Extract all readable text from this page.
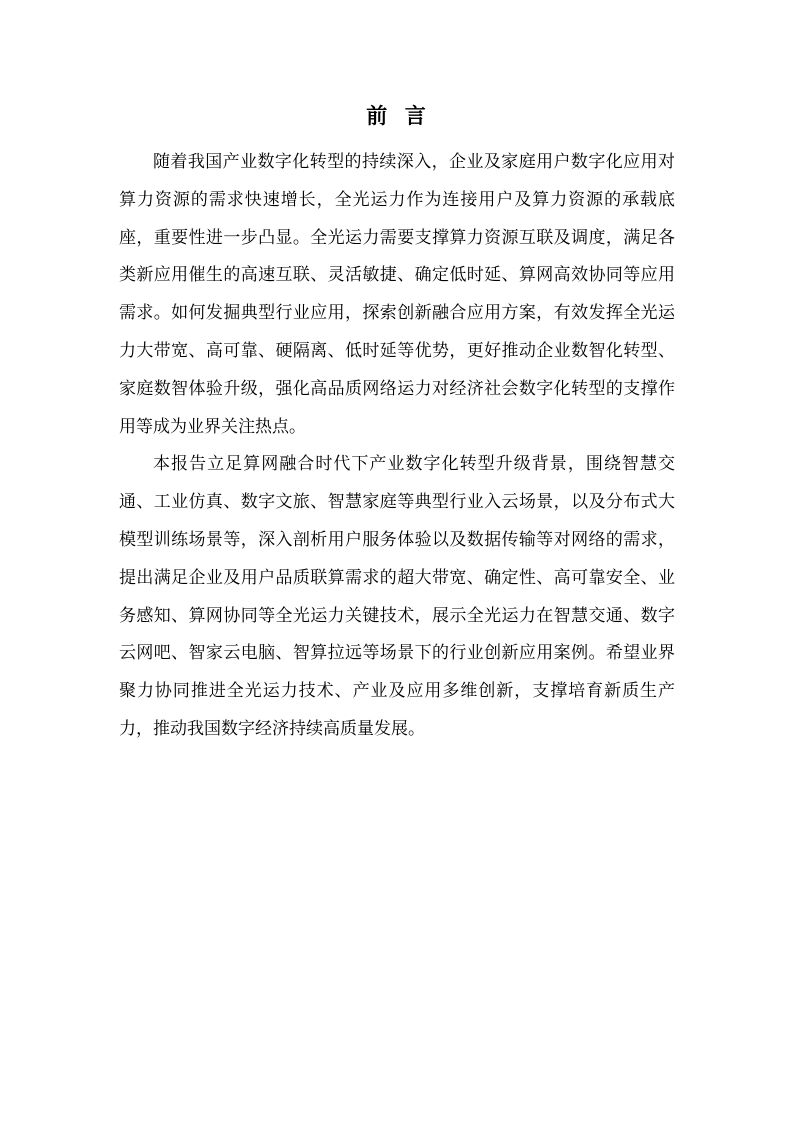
前  言

随着我国产业数字化转型的持续深入，企业及家庭用户数字化应用对算力资源的需求快速增长，全光运力作为连接用户及算力资源的承载底座，重要性进一步凸显。全光运力需要支撑算力资源互联及调度，满足各类新应用催生的高速互联、灵活敏捷、确定低时延、算网高效协同等应用需求。如何发掘典型行业应用，探索创新融合应用方案，有效发挥全光运力大带宽、高可靠、硬隔离、低时延等优势，更好推动企业数智化转型、家庭数智体验升级，强化高品质网络运力对经济社会数字化转型的支撑作用等成为业界关注热点。

本报告立足算网融合时代下产业数字化转型升级背景，围绕智慧交通、工业仿真、数字文旅、智慧家庭等典型行业入云场景，以及分布式大模型训练场景等，深入剖析用户服务体验以及数据传输等对网络的需求，提出满足企业及用户品质联算需求的超大带宽、确定性、高可靠安全、业务感知、算网协同等全光运力关键技术，展示全光运力在智慧交通、数字云网吧、智家云电脑、智算拉远等场景下的行业创新应用案例。希望业界聚力协同推进全光运力技术、产业及应用多维创新，支撑培育新质生产力，推动我国数字经济持续高质量发展。
